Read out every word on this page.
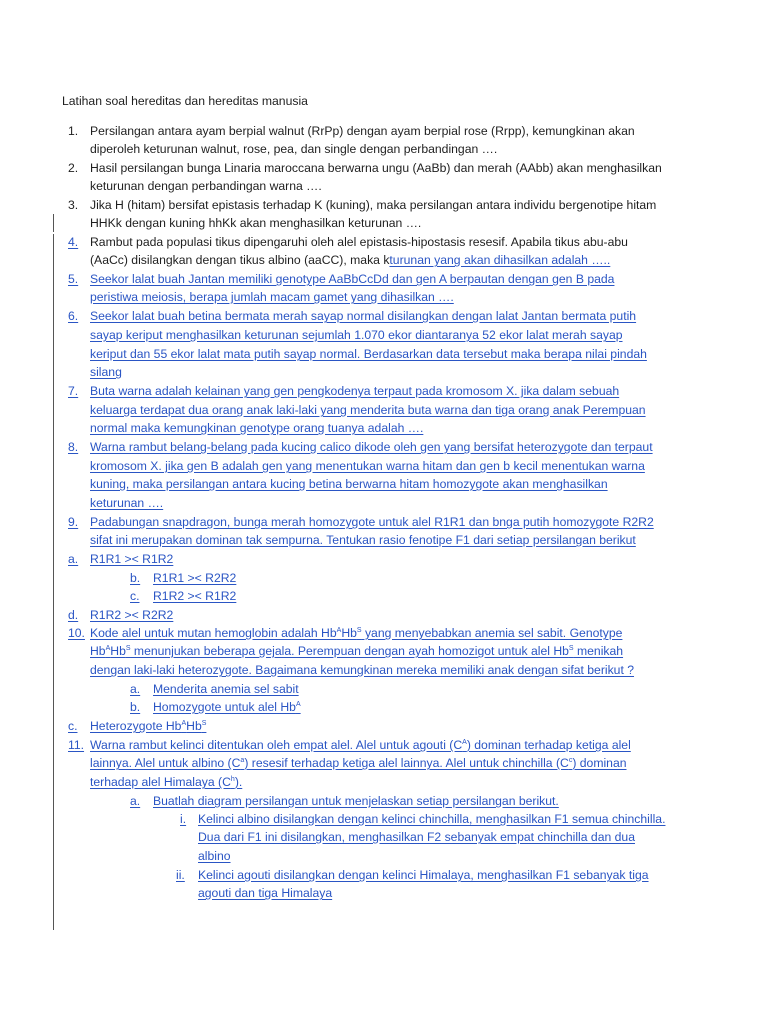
Latihan soal hereditas dan hereditas manusia
1. Persilangan antara ayam berpial walnut (RrPp) dengan ayam berpial rose (Rrpp), kemungkinan akan
diperoleh keturunan walnut, rose, pea, dan single dengan perbandingan ….
2. Hasil persilangan bunga Linaria maroccana berwarna ungu (AaBb) dan merah (AAbb) akan menghasilkan
keturunan dengan perbandingan warna ….
3. Jika H (hitam) bersifat epistasis terhadap K (kuning), maka persilangan antara individu bergenotipe hitam
HHKk dengan kuning hhKk akan menghasilkan keturunan ….
4. Rambut pada populasi tikus dipengaruhi oleh alel epistasis-hipostasis resesif. Apabila tikus abu-abu
(AaCc) disilangkan dengan tikus albino (aaCC), maka kturunan yang akan dihasilkan adalah …..
5. Seekor lalat buah Jantan memiliki genotype AaBbCcDd dan gen A berpautan dengan gen B pada
peristiwa meiosis, berapa jumlah macam gamet yang dihasilkan ….
6. Seekor lalat buah betina bermata merah sayap normal disilangkan dengan lalat Jantan bermata putih
sayap keriput menghasilkan keturunan sejumlah 1.070 ekor diantaranya 52 ekor lalat merah sayap
keriput dan 55 ekor lalat mata putih sayap normal. Berdasarkan data tersebut maka berapa nilai pindah
silang
7. Buta warna adalah kelainan yang gen pengkodenya terpaut pada kromosom X. jika dalam sebuah
keluarga terdapat dua orang anak laki-laki yang menderita buta warna dan tiga orang anak Perempuan
normal maka kemungkinan genotype orang tuanya adalah ….
8. Warna rambut belang-belang pada kucing calico dikode oleh gen yang bersifat heterozygote dan terpaut
kromosom X. jika gen B adalah gen yang menentukan warna hitam dan gen b kecil menentukan warna
kuning, maka persilangan antara kucing betina berwarna hitam homozygote akan menghasilkan
keturunan ….
9. Padabungan snapdragon, bunga merah homozygote untuk alel R1R1 dan bnga putih homozygote R2R2
sifat ini merupakan dominan tak sempurna. Tentukan rasio fenotipe F1 dari setiap persilangan berikut
a. R1R1 >< R1R2
b. R1R1 >< R2R2
c. R1R2 >< R1R2
d. R1R2 >< R2R2
10. Kode alel untuk mutan hemoglobin adalah $Hb^AHb^S$ yang menyebabkan anemia sel sabit. Genotype
$Hb^AHb^S$ menunjukan beberapa gejala. Perempuan dengan ayah homozigot untuk alel $Hb^S$ menikah
dengan laki-laki heterozygote. Bagaimana kemungkinan mereka memiliki anak dengan sifat berikut ?
a. Menderita anemia sel sabit
b. Homozygote untuk alel $Hb^A$
c. Heterozygote $Hb^AHb^S$
11. Warna rambut kelinci ditentukan oleh empat alel. Alel untuk agouti $(C^A)$ dominan terhadap ketiga alel
lainnya. Alel untuk albino $(C^a)$ resesif terhadap ketiga alel lainnya. Alel untuk chinchilla $(C^c)$ dominan
terhadap alel Himalaya $(C^h)$.
a. Buatlah diagram persilangan untuk menjelaskan setiap persilangan berikut.
i. Kelinci albino disilangkan dengan kelinci chinchilla, menghasilkan F1 semua chinchilla.
Dua dari F1 ini disilangkan, menghasilkan F2 sebanyak empat chinchilla dan dua
albino
ii. Kelinci agouti disilangkan dengan kelinci Himalaya, menghasilkan F1 sebanyak tiga
agouti dan tiga Himalaya
